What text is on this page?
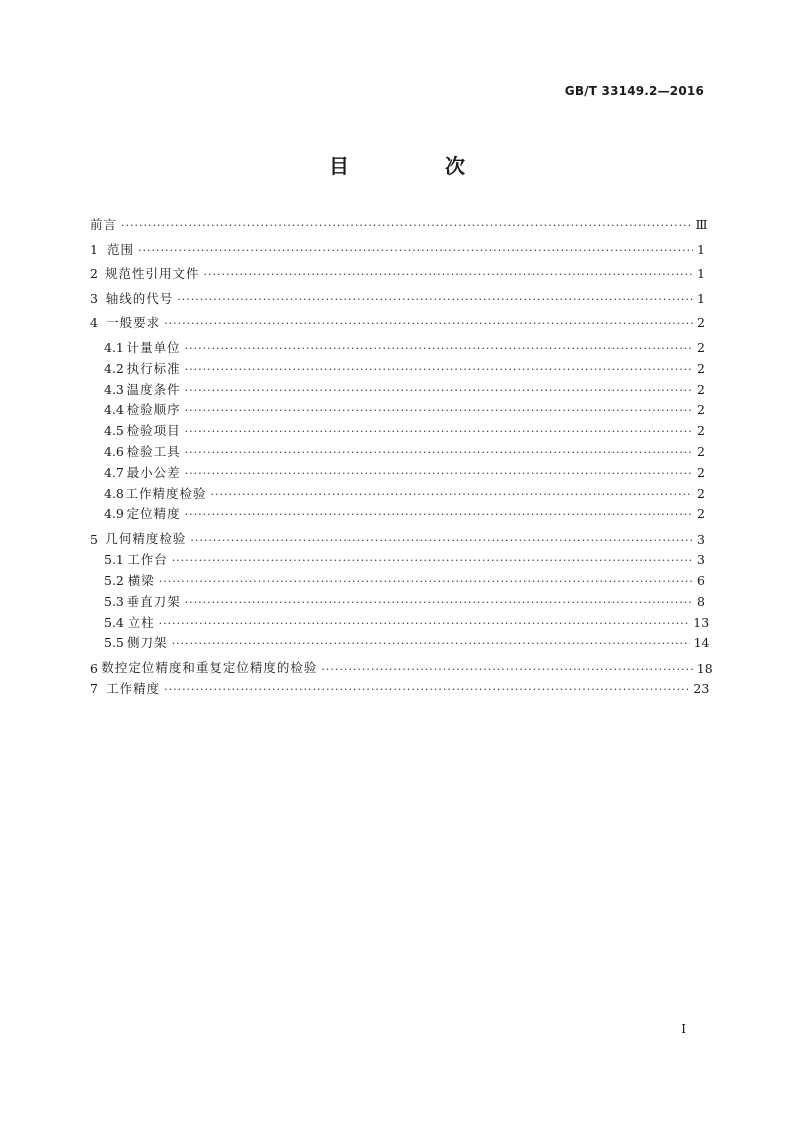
GB/T 33149.2—2016
目　次
前言 ·····	Ⅲ
1 范围 ·····	1
2 规范性引用文件 ·····	1
3 轴线的代号 ·····	1
4 一般要求 ·····	2
4.1 计量单位 ·····	2
4.2 执行标准 ·····	2
4.3 温度条件 ·····	2
4.4 检验顺序 ·····	2
4.5 检验项目 ·····	2
4.6 检验工具 ·····	2
4.7 最小公差 ·····	2
4.8 工作精度检验 ·····	2
4.9 定位精度 ·····	2
5 几何精度检验 ·····	3
5.1 工作台 ·····	3
5.2 横梁 ·····	6
5.3 垂直刀架 ·····	8
5.4 立柱 ·····	13
5.5 侧刀架 ·····	14
6 数控定位精度和重复定位精度的检验 ·····	18
7 工作精度 ·····	23
I
